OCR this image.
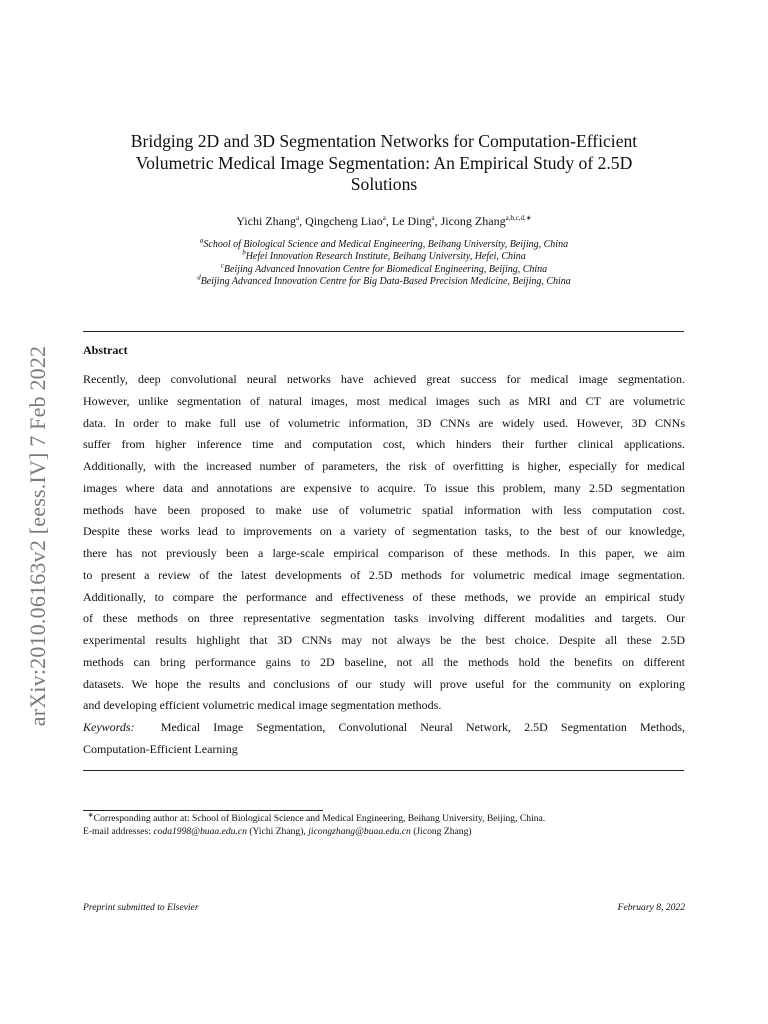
arXiv:2010.06163v2 [eess.IV] 7 Feb 2022
Bridging 2D and 3D Segmentation Networks for Computation-Efficient
Volumetric Medical Image Segmentation: An Empirical Study of 2.5D
Solutions
Yichi Zhang$^a$, Qingcheng Liao$^a$, Le Ding$^a$, Jicong Zhang$^{a,b,c,d,∗}$
$^a$School of Biological Science and Medical Engineering, Beihang University, Beijing, China
$^b$Hefei Innovation Research Institute, Beihang University, Hefei, China
$^c$Beijing Advanced Innovation Centre for Biomedical Engineering, Beijing, China
$^d$Beijing Advanced Innovation Centre for Big Data-Based Precision Medicine, Beijing, China
Abstract
Recently, deep convolutional neural networks have achieved great success for medical image segmentation.
However, unlike segmentation of natural images, most medical images such as MRI and CT are volumetric
data. In order to make full use of volumetric information, 3D CNNs are widely used. However, 3D CNNs
suffer from higher inference time and computation cost, which hinders their further clinical applications.
Additionally, with the increased number of parameters, the risk of overfitting is higher, especially for medical
images where data and annotations are expensive to acquire. To issue this problem, many 2.5D segmentation
methods have been proposed to make use of volumetric spatial information with less computation cost.
Despite these works lead to improvements on a variety of segmentation tasks, to the best of our knowledge,
there has not previously been a large-scale empirical comparison of these methods. In this paper, we aim
to present a review of the latest developments of 2.5D methods for volumetric medical image segmentation.
Additionally, to compare the performance and effectiveness of these methods, we provide an empirical study
of these methods on three representative segmentation tasks involving different modalities and targets. Our
experimental results highlight that 3D CNNs may not always be the best choice. Despite all these 2.5D
methods can bring performance gains to 2D baseline, not all the methods hold the benefits on different
datasets. We hope the results and conclusions of our study will prove useful for the community on exploring
and developing efficient volumetric medical image segmentation methods.
Keywords: Medical Image Segmentation, Convolutional Neural Network, 2.5D Segmentation Methods,
Computation-Efficient Learning
∗Corresponding author at: School of Biological Science and Medical Engineering, Beihang University, Beijing, China.
E-mail addresses: coda1998@buaa.edu.cn (Yichi Zhang), jicongzhang@buaa.edu.cn (Jicong Zhang)
Preprint submitted to Elsevier	February 8, 2022
